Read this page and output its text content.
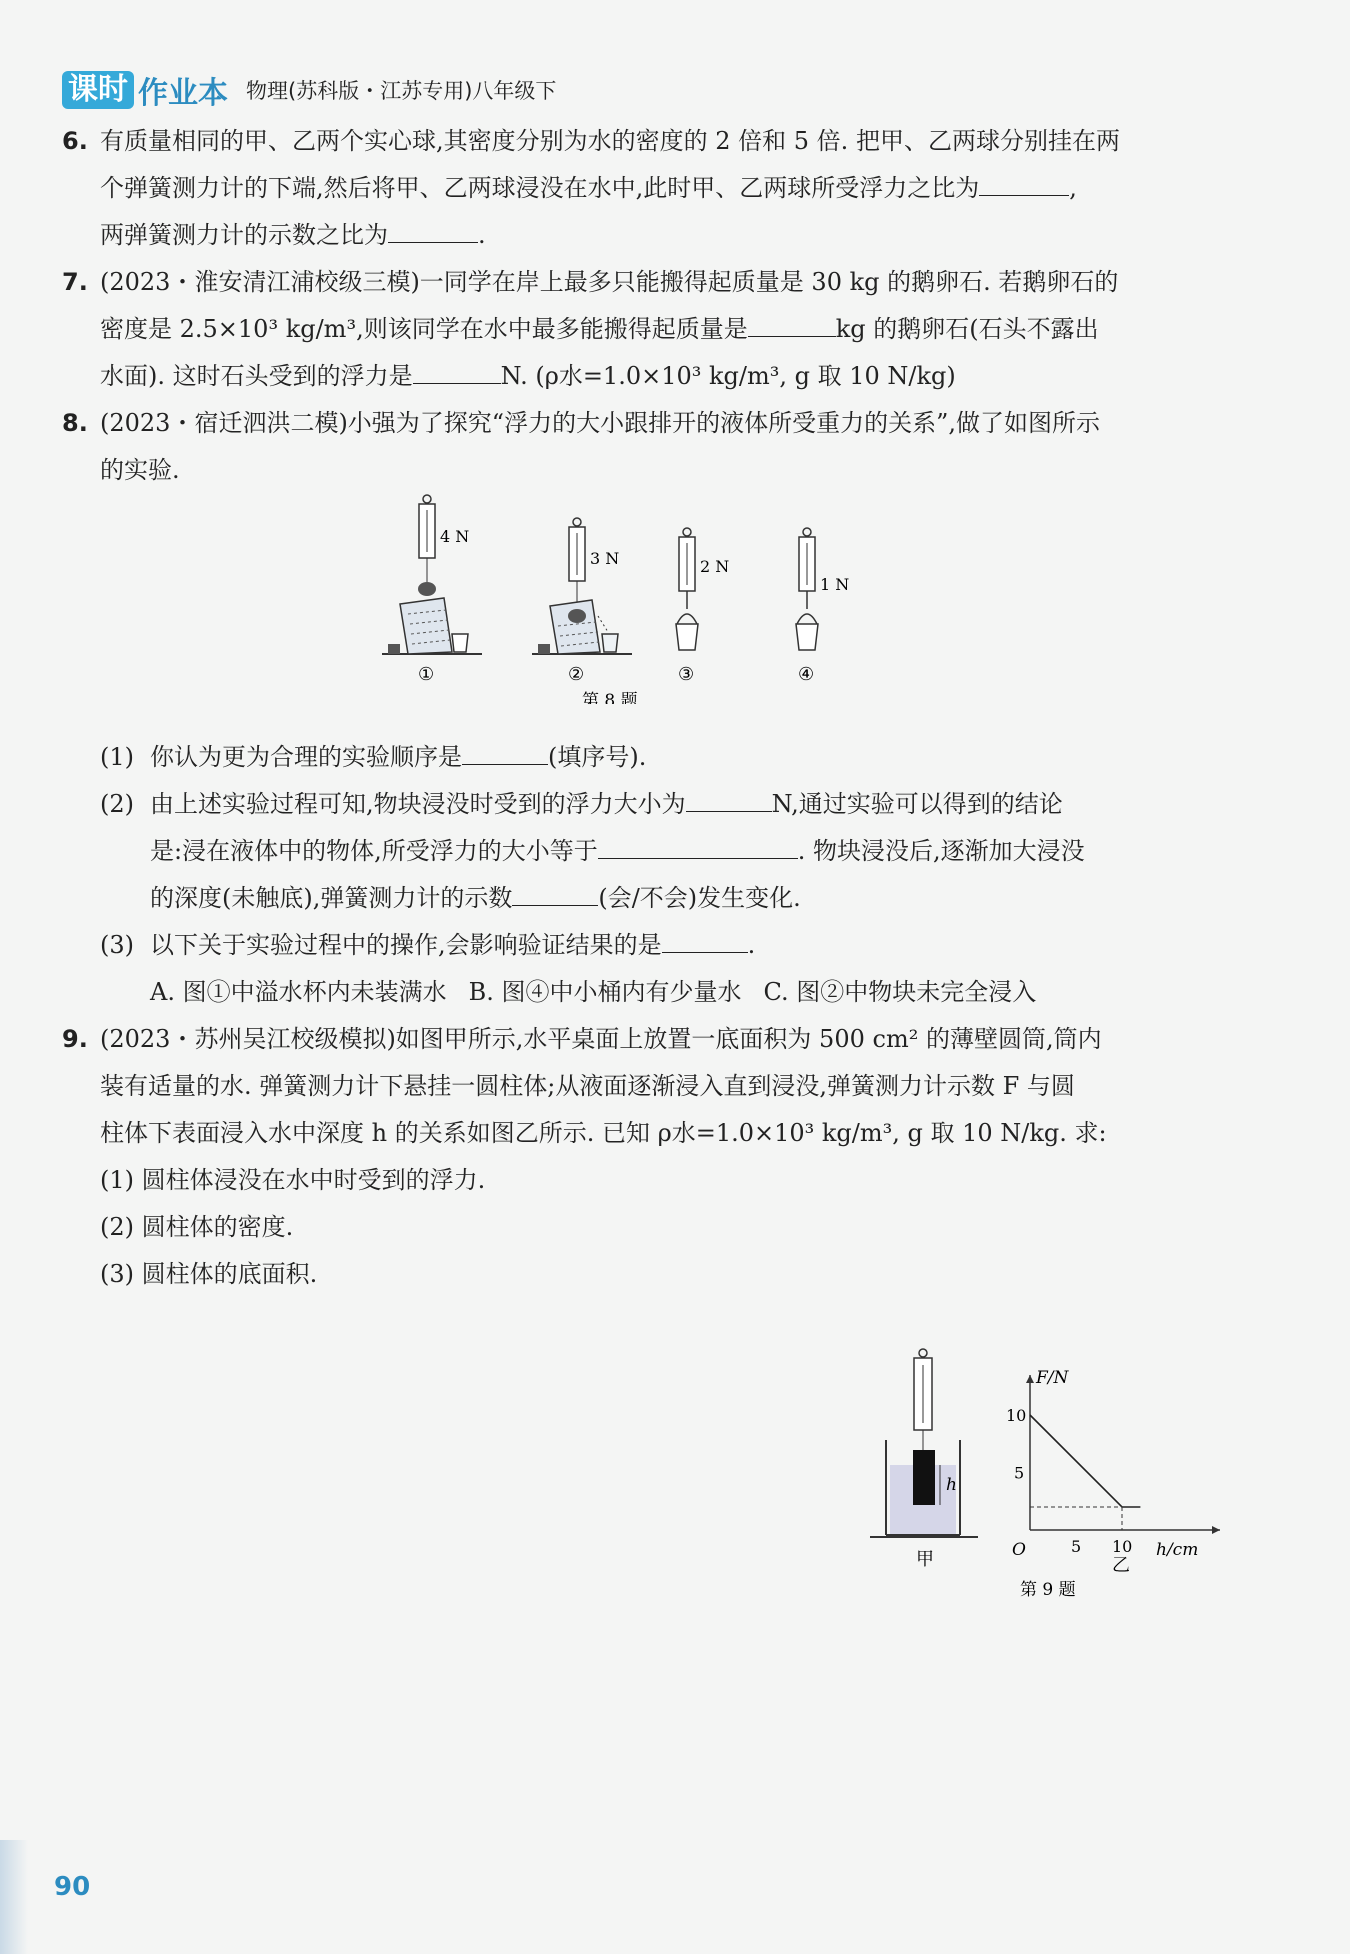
课时 作业本 物理(苏科版・江苏专用)八年级下
6. 有质量相同的甲、乙两个实心球,其密度分别为水的密度的 2 倍和 5 倍. 把甲、乙两球分别挂在两
个弹簧测力计的下端,然后将甲、乙两球浸没在水中,此时甲、乙两球所受浮力之比为	,
两弹簧测力计的示数之比为	.
7. (2023・淮安清江浦校级三模)一同学在岸上最多只能搬得起质量是 30 kg 的鹅卵石. 若鹅卵石的
密度是 2.5×10³ kg/m³,则该同学在水中最多能搬得起质量是	kg 的鹅卵石(石头不露出
水面). 这时石头受到的浮力是	N. (ρ水=1.0×10³ kg/m³, g 取 10 N/kg)
8. (2023・宿迁泗洪二模)小强为了探究“浮力的大小跟排开的液体所受重力的关系”,做了如图所示
的实验.
4 N
3 N	2 N
1 N
①	②	③	④
第 8 题
(1) 你认为更为合理的实验顺序是	(填序号).
(2) 由上述实验过程可知,物块浸没时受到的浮力大小为	N,通过实验可以得到的结论
是:浸在液体中的物体,所受浮力的大小等于	. 物块浸没后,逐渐加大浸没
的深度(未触底),弹簧测力计的示数	(会/不会)发生变化.
(3) 以下关于实验过程中的操作,会影响验证结果的是	.
A. 图①中溢水杯内未装满水 B. 图④中小桶内有少量水 C. 图②中物块未完全浸入
9. (2023・苏州吴江校级模拟)如图甲所示,水平桌面上放置一底面积为 500 cm² 的薄壁圆筒,筒内
装有适量的水. 弹簧测力计下悬挂一圆柱体;从液面逐渐浸入直到浸没,弹簧测力计示数 F 与圆
柱体下表面浸入水中深度 h 的关系如图乙所示. 已知 ρ水=1.0×10³ kg/m³, g 取 10 N/kg. 求:
(1) 圆柱体浸没在水中时受到的浮力.
(2) 圆柱体的密度.
(3) 圆柱体的底面积.
h
甲
F/N
h/cm
O
10
5
5 10
乙
第 9 题
90
